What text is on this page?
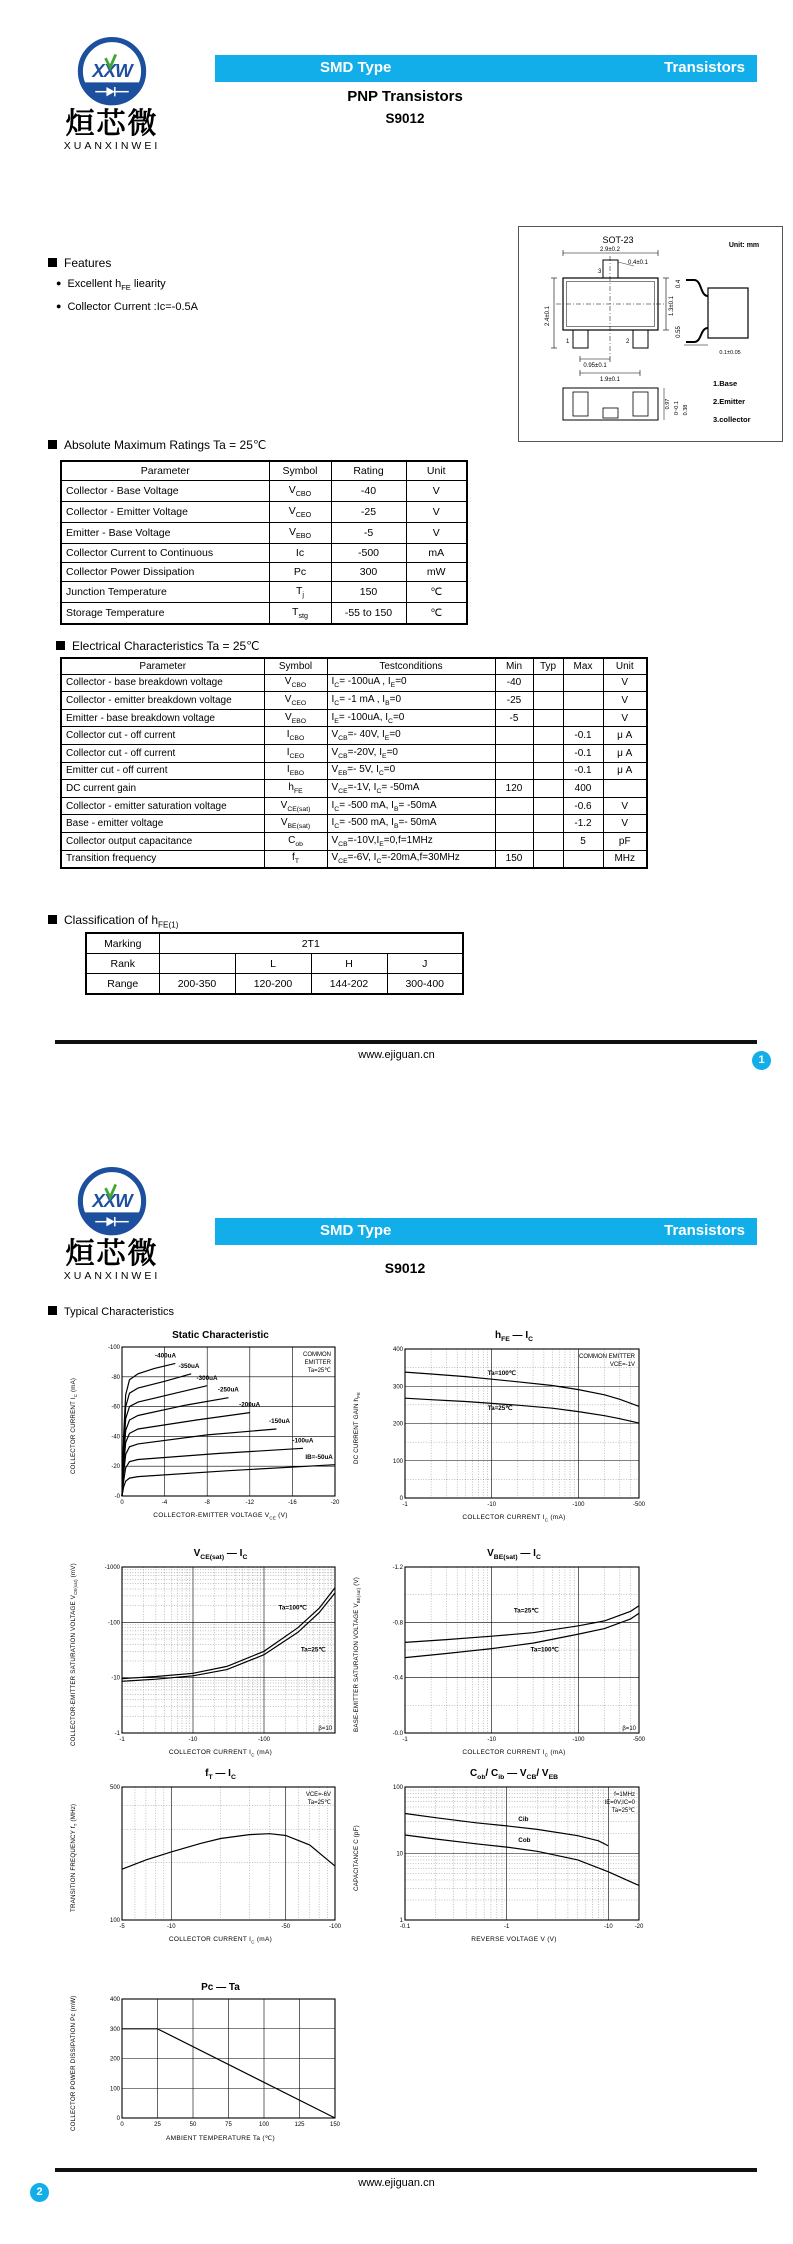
XXW
烜芯微
XUANXINWEI
SMD Type	Transistors
PNP Transistors
S9012
Features
● Excellent $h_{FE}$ liearity
● Collector Current :Ic=-0.5A
SOT-23
Unit: mm
3
1	2
2.9±0.2
0.4±0.1
2.4±0.1
1.3±0.1
0.95±0.1
1.9±0.1
0.4
0.55
0.1±0.05
0.97 0~0.1 0.38
1.Base
2.Emitter
3.collector
Absolute Maximum Ratings Ta = 25℃
Parameter	Symbol	Rating	Unit
Collector - Base Voltage	$V_{CBO}$	-40	V
Collector - Emitter Voltage	$V_{CEO}$	-25	V
Emitter - Base Voltage	$V_{EBO}$	-5	V
Collector Current to Continuous	Ic	-500	mA
Collector Power Dissipation	Pc	300	mW
Junction Temperature	$T_j$	150	℃
Storage Temperature	$T_{stg}$	-55 to 150	℃
Electrical Characteristics Ta = 25℃
Parameter	Symbol	Testconditions	Min	Typ	Max	Unit
Collector - base breakdown voltage	$V_{CBO}$	$I_C= -100uA$ , $I_E=0$	-40			V
Collector - emitter breakdown voltage	$V_{CEO}$	$I_C= -1$ mA , $I_B=0$	-25			V
Emitter - base breakdown voltage	$V_{EBO}$	$I_E= -100uA$, $I_C=0$	-5			V
Collector cut - off current	$I_{CBO}$	$V_{CB}=-$ 40V, $I_E=0$			-0.1	μ A
Collector cut - off current	$I_{CEO}$	$V_{CB}=-20V$, $I_E=0$			-0.1	μ A
Emitter cut - off current	$I_{EBO}$	$V_{EB}=-$ 5V, $I_C=0$			-0.1	μ A
DC current gain	$h_{FE}$	$V_{CE}=-1V$, $I_C= -50mA$	120		400	
Collector - emitter saturation voltage	$V_{CE(sat)}$	$I_C= -500$ mA, $I_B= -50mA$			-0.6	V
Base - emitter voltage	$V_{BE(sat)}$	$I_C= -500$ mA, $I_B=-$ 50mA			-1.2	V
Collector output capacitance	$C_{ob}$	$V_{CB}=-10V,I_E=0,f=1MHz$			5	pF
Transition frequency	$f_T$	$V_{CE}=-6V$, $I_C=-20mA,f=30MHz$	150			MHz
Classification of $h_{FE(1)}$
Marking	2T1			
Rank		L	H	J
Range	200-350	120-200	144-202	300-400
www.ejiguan.cn	1
XXW
烜芯微
XUANXINWEI
SMD Type	Transistors
S9012
Typical Characteristics
Static Characteristic
COLLECTOR CURRENT $I_C$ (mA)
0	-4	-8	-12	-16	-20
-0
-20
-40
-60
-80
-100
-400uA
-350uA
-300uA
-250uA
-200uA
-150uA
-100uA
IB=-50uA
COMMON
EMITTER
Ta=25℃
COLLECTOR-EMITTER VOLTAGE $V_{CE}$ (V)
$h_{FE}$ — $I_C$
DC CURRENT GAIN $h_{FE}$
-1	-10	-100	-500
0
100
200
300
400
Ta=100℃
Ta=25℃
COMMON EMITTER
VCE=-1V
COLLECTOR CURRENT $I_C$ (mA)
$V_{CE(sat)}$ — $I_C$
COLLECTOR-EMITTER SATURATION VOLTAGE $V_{CE(sat)}$ (mV)
-1	-10	-100
-1
-10
-100
-1000
Ta=100℃
Ta=25℃
β=10
COLLECTOR CURRENT $I_C$ (mA)
$V_{BE(sat)}$ — $I_C$
BASE-EMITTER SATURATION VOLTAGE $V_{BE(sat)}$ (V)
-1	-10	-100	-500
-0.0
-0.4
-0.8
-1.2
Ta=25℃
Ta=100℃
β=10
COLLECTOR CURRENT $I_C$ (mA)
$f_T$ — $I_C$
TRANSITION FREQUENCY $f_T$ (MHz)
-5	-10	-50	-100
100
500
VCE=-6V
Ta=25℃
COLLECTOR CURRENT $I_C$ (mA)
$C_{ob}/$ $C_{ib}$ — $V_{CB}/$ $V_{EB}$
CAPACITANCE C (pF)
-0.1	-1	-10	-20
1
10
100
Cib
Cob
f=1MHz
IE=0V,IC=0
Ta=25℃
REVERSE VOLTAGE V (V)
Pc — Ta
COLLECTOR POWER DISSIPATION Pc (mW)	0	25	50	75	100	125	150
0
100
200
300
400
AMBIENT TEMPERATURE Ta (℃)
www.ejiguan.cn
2
